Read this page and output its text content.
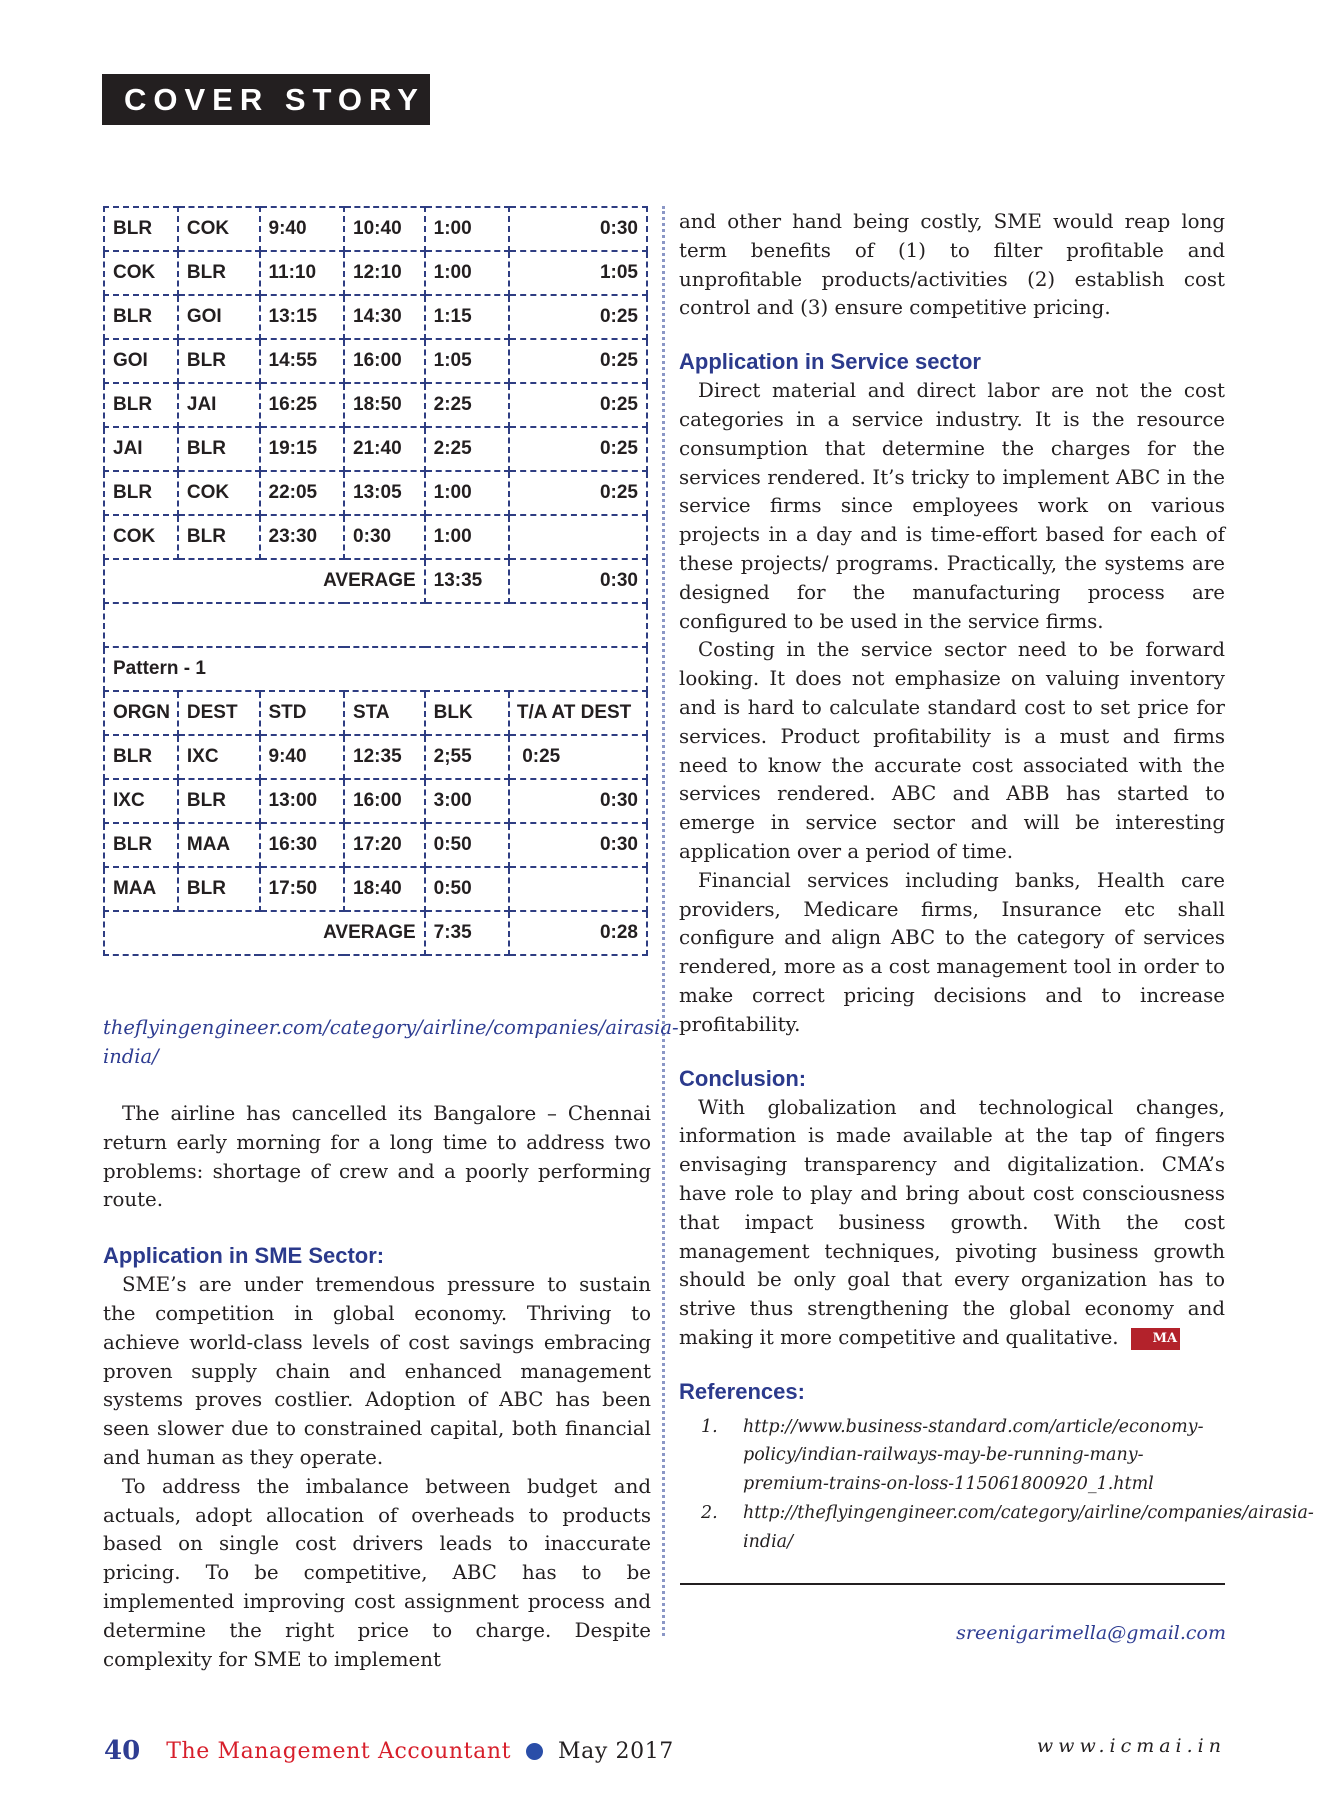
COVER STORY
BLR	COK	9:40	10:40	1:00	0:30
COK	BLR	11:10	12:10	1:00	1:05
BLR	GOI	13:15	14:30	1:15	0:25
GOI	BLR	14:55	16:00	1:05	0:25
BLR	JAI	16:25	18:50	2:25	0:25
JAI	BLR	19:15	21:40	2:25	0:25
BLR	COK	22:05	13:05	1:00	0:25
COK	BLR	23:30	0:30	1:00	
AVERAGE				13:35	0:30

Pattern - 1					
ORGN	DEST	STD	STA	BLK	T/A AT DEST
BLR	IXC	9:40	12:35	2;55	0:25
IXC	BLR	13:00	16:00	3:00	0:30
BLR	MAA	16:30	17:20	0:50	0:30
MAA	BLR	17:50	18:40	0:50	
AVERAGE				7:35	0:28
theflyingengineer.com/category/airline/companies/airasia-india/

The airline has cancelled its Bangalore – Chennai return early morning for a long time to address two problems: shortage of crew and a poorly performing route.

Application in SME Sector:

SME’s are under tremendous pressure to sustain the competition in global economy. Thriving to achieve world-class levels of cost savings embracing proven supply chain and enhanced management systems proves costlier. Adoption of ABC has been seen slower due to constrained capital, both financial and human as they operate.

To address the imbalance between budget and actuals, adopt allocation of overheads to products based on single cost drivers leads to inaccurate pricing. To be competitive, ABC has to be implemented improving cost assignment process and determine the right price to charge. Despite complexity for SME to implement

and other hand being costly, SME would reap long term benefits of (1) to filter profitable and unprofitable products/activities (2) establish cost control and (3) ensure competitive pricing.

Application in Service sector

Direct material and direct labor are not the cost categories in a service industry. It is the resource consumption that determine the charges for the services rendered. It’s tricky to implement ABC in the service firms since employees work on various projects in a day and is time-effort based for each of these projects/ programs. Practically, the systems are designed for the manufacturing process are configured to be used in the service firms.

Costing in the service sector need to be forward looking. It does not emphasize on valuing inventory and is hard to calculate standard cost to set price for services. Product profitability is a must and firms need to know the accurate cost associated with the services rendered. ABC and ABB has started to emerge in service sector and will be interesting application over a period of time.

Financial services including banks, Health care providers, Medicare firms, Insurance etc shall configure and align ABC to the category of services rendered, more as a cost management tool in order to make correct pricing decisions and to increase profitability.

Conclusion:

With globalization and technological changes, information is made available at the tap of fingers envisaging transparency and digitalization. CMA’s have role to play and bring about cost consciousness that impact business growth. With the cost management techniques, pivoting business growth should be only goal that every organization has to strive thus strengthening the global economy and making it more competitive and qualitative.	MA

References:
1. http://www.business-standard.com/article/economy-policy/indian-railways-may-be-running-many-premium-trains-on-loss-115061800920_1.html
2. http://theflyingengineer.com/category/airline/companies/airasia-india/
sreenigarimella@gmail.com
40 The Management Accountant May 2017	www.icmai.in
